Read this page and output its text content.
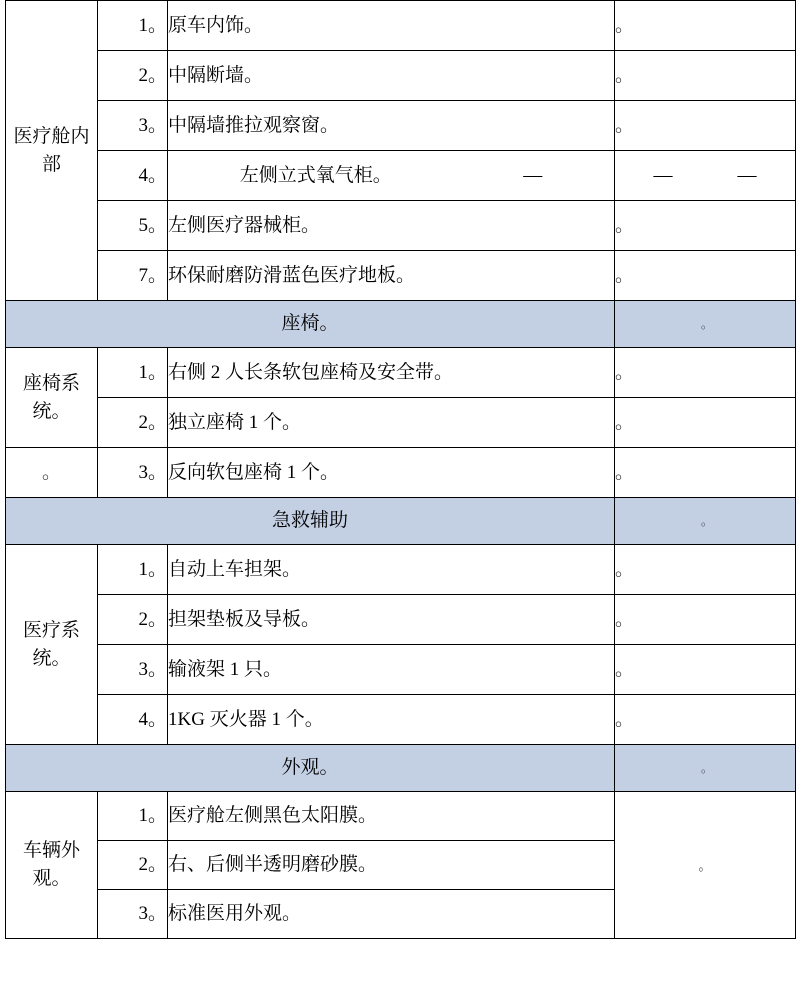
医疗舱内部	1。	原车内饰。	。
	2。	中隔断墙。	。
	3。	中隔墙推拉观察窗。	。
	4。	左侧立式氧气柜。 —	— —

	5。	左侧医疗器械柜。	。
	7。	环保耐磨防滑蓝色医疗地板。	。

座椅。			。

座椅系统。	1。	右侧 2 人长条软包座椅及安全带。	。
	2。	独立座椅 1 个。	。
。	3。	反向软包座椅 1 个。	。

急救辅助			。

医疗系统。	1。	自动上车担架。	。
	2。	担架垫板及导板。	。
	3。	输液架 1 只。	。
	4。	1KG 灭火器 1 个。	。

外观。			。

车辆外观。	1。	医疗舱左侧黑色太阳膜。	。
	2。	右、后侧半透明磨砂膜。	
	3。	标准医用外观。	
